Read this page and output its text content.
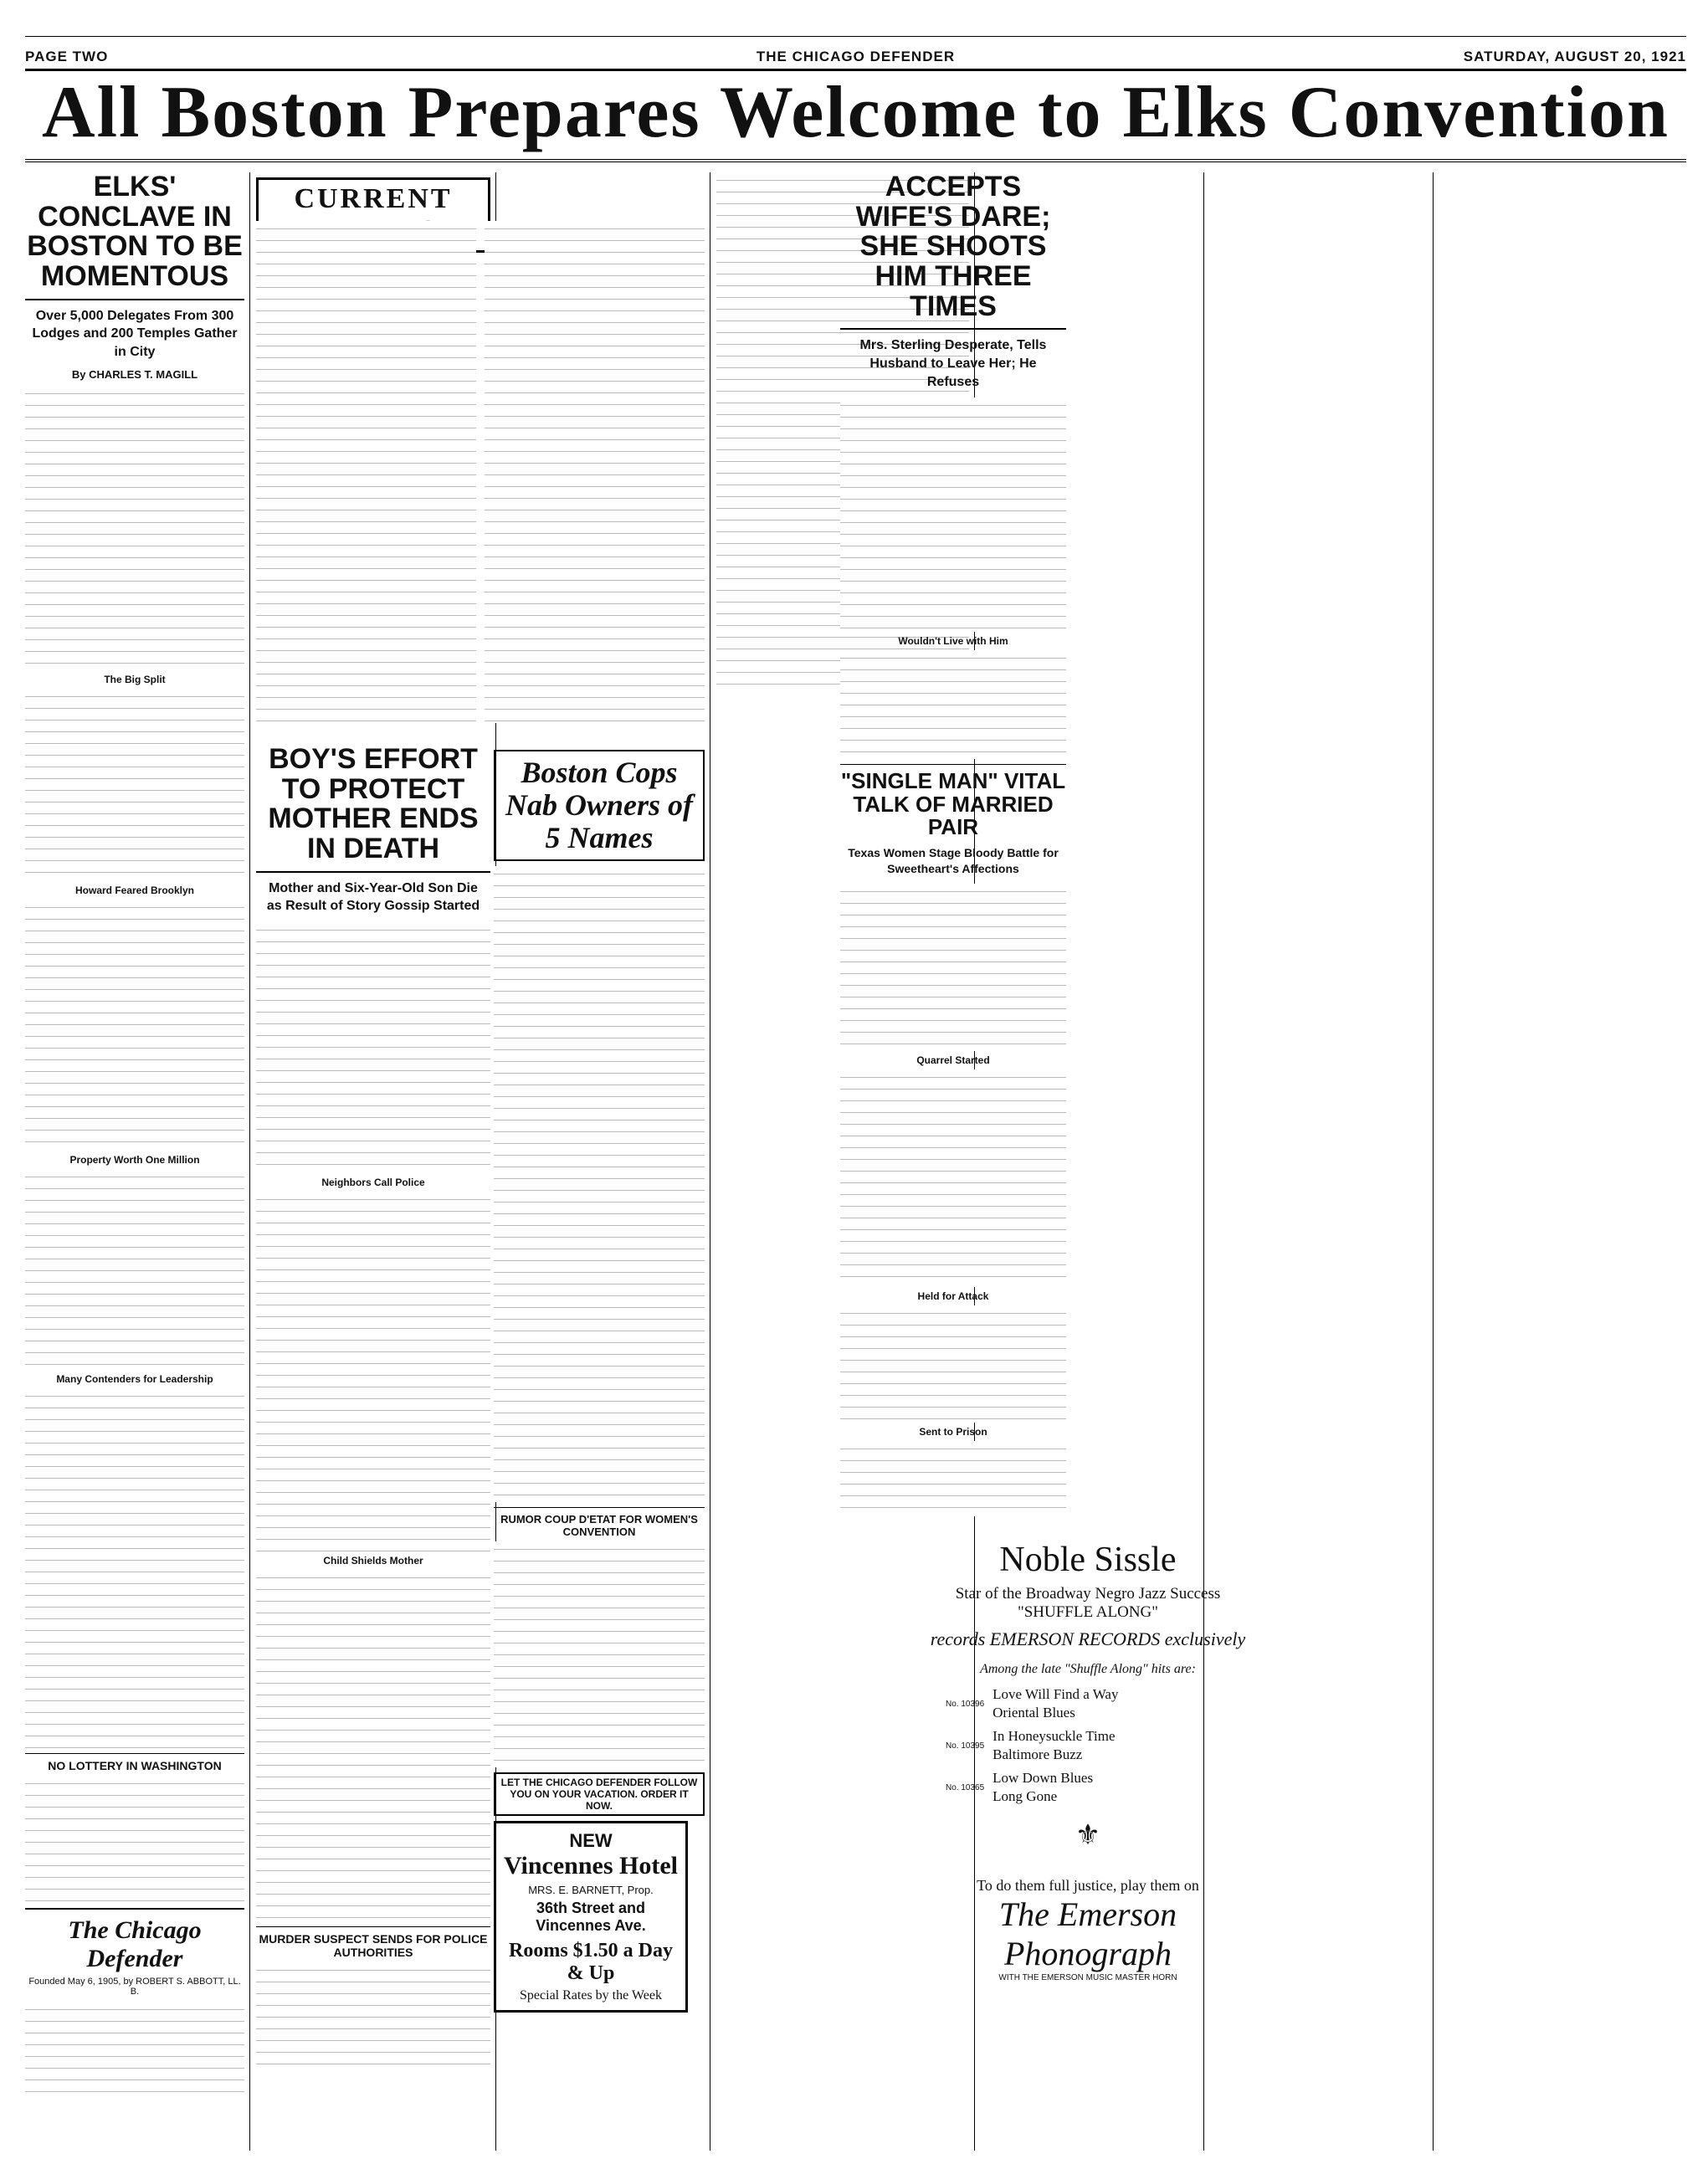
PAGE TWO	THE CHICAGO DEFENDER	SATURDAY, AUGUST 20, 1921
All Boston Prepares Welcome to Elks Convention
ELKS' CONCLAVE IN BOSTON TO BE MOMENTOUS
Over 5,000 Delegates From 300 Lodges and 200 Temples Gather in City
By CHARLES T. MAGILL
The Big Split
Howard Feared Brooklyn
Property Worth One Million
Many Contenders for Leadership
NO LOTTERY IN WASHINGTON
The Chicago Defender
Founded May 6, 1905, by ROBERT S. ABBOTT, LL. B.
CURRENT
BOY'S EFFORT TO PROTECT MOTHER ENDS IN DEATH
Mother and Six-Year-Old Son Die as Result of Story Gossip Started
Neighbors Call Police
Child Shields Mother
MURDER SUSPECT SENDS FOR POLICE AUTHORITIES
Boston Cops Nab Owners of 5 Names
RUMOR COUP D'ETAT FOR WOMEN'S CONVENTION
LET THE CHICAGO DEFENDER FOLLOW YOU ON YOUR VACATION. ORDER IT NOW.
NEW
Vincennes Hotel
MRS. E. BARNETT, Prop.
36th Street and Vincennes Ave.
Rooms $1.50 a Day & Up
Special Rates by the Week
ACCEPTS WIFE'S DARE; SHE SHOOTS HIM THREE TIMES
Mrs. Sterling Desperate, Tells Husband to Leave Her; He Refuses
Wouldn't Live with Him
"SINGLE MAN" VITAL TALK OF MARRIED PAIR
Texas Women Stage Bloody Battle for Sweetheart's Affections
Quarrel Started
Held for Attack
Sent to Prison
Noble Sissle
Star of the Broadway Negro Jazz Success
"SHUFFLE ALONG"
records EMERSON RECORDS exclusively
Among the late "Shuffle Along" hits are:
No. 10396
Love Will Find a Way
Oriental Blues
No. 10395
In Honeysuckle Time
Baltimore Buzz
No. 10365
Low Down Blues
Long Gone
⚜
To do them full justice, play them on
The Emerson Phonograph
WITH THE EMERSON MUSIC MASTER HORN
